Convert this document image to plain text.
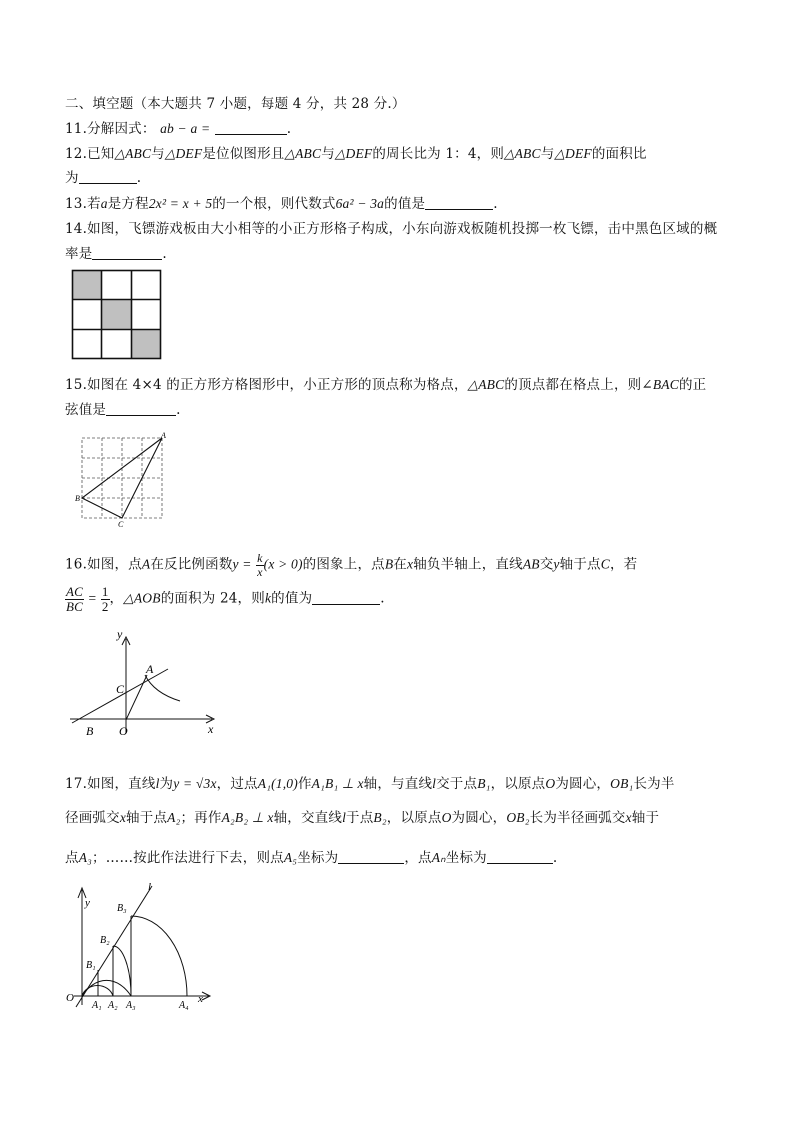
二、填空题（本大题共 7 小题，每题 4 分，共 28 分.）
11.分解因式： ab − a =	.
12.已知△ABC与△DEF是位似图形且△ABC与△DEF的周长比为 1：4，则△ABC与△DEF的面积比
为	.
13.若a是方程2x² = x + 5的一个根，则代数式6a² − 3a的值是	.
14.如图，飞镖游戏板由大小相等的小正方形格子构成，小东向游戏板随机投掷一枚飞镖，击中黑色区域的概
率是	.
15.如图在 4×4 的正方形方格图形中，小正方形的顶点称为格点，△ABC的顶点都在格点上，则∠BAC的正
弦值是	.
A
B
C
16.如图，点A在反比例函数$y = \frac{k}{x} (x > 0)$的图象上，点B在x轴负半轴上，直线AB交y轴于点C，若
$\frac{AC}{BC} = \frac{1}{2}$ ，△AOB的面积为 24，则k的值为	.
y
x
A
B
C
O
17.如图，直线l为y = √3x，过点A₁(1,0)作A₁B₁ ⊥ x轴，与直线l交于点B₁，以原点O为圆心，OB₁长为半
径画弧交x轴于点A₂；再作A₂B₂ ⊥ x轴，交直线l于点B₂，以原点O为圆心，OB₂长为半径画弧交x轴于
点A₃；……按此作法进行下去，则点A₅坐标为	，点Aₙ坐标为	.
y
l
O
A₁ A₂ A₃	A₄
x
B₁
B₂
B₃
